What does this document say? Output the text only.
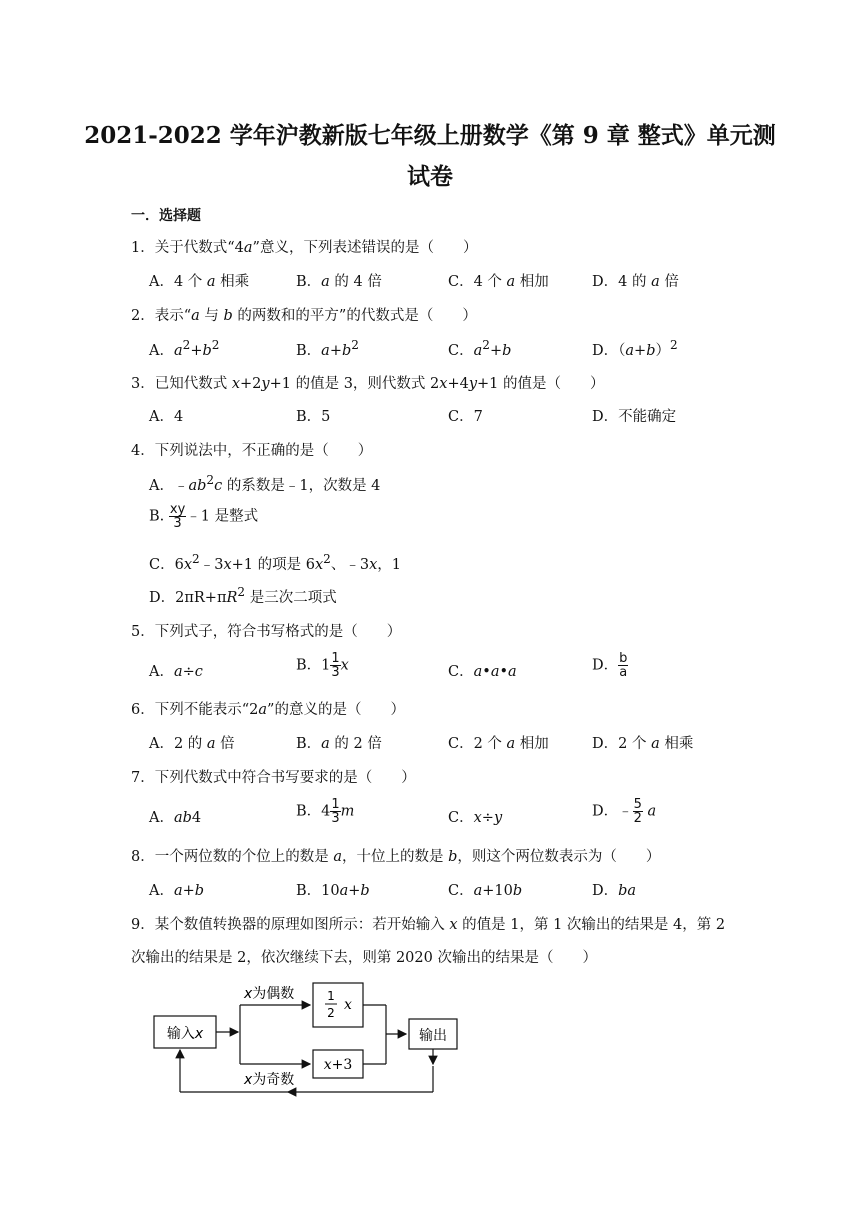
2021-2022 学年沪教新版七年级上册数学《第 9 章 整式》单元测
试卷
一．选择题
1．关于代数式“4a”意义，下列表述错误的是（　　）
A．4 个 a 相乘	B．a 的 4 倍	C．4 个 a 相加	D．4 的 a 倍
2．表示“a 与 b 的两数和的平方”的代数式是（　　）
A．$a^2+b^2$	B．$a+b^2$	C．$a^2+b$	D．$(a+b)^2$
3．已知代数式 x+2y+1 的值是 3，则代数式 2x+4y+1 的值是（　　）
A．4	B．5	C．7	D．不能确定
4．下列说法中，不正确的是（　　）
A．$﹣ab^2c$ 的系数是﹣1，次数是 4
B. $\frac{xy}{3}$ ﹣1 是整式
C．$6x^2﹣3x+1$ 的项是 $6x^2$、﹣3x，1
D．$2\pi R+\pi R^2$ 是三次二项式
5．下列式子，符合书写格式的是（　　）
A．a÷c	B．$1 \frac{1}{3}$ x	C．a•a•a	D． $\frac{b}{a}$
6．下列不能表示“2a”的意义的是（　　）
A．2 的 a 倍	B．a 的 2 倍	C．2 个 a 相加	D．2 个 a 相乘
7．下列代数式中符合书写要求的是（　　）
A．ab4	B．$4 \frac{1}{3}$ m	C．x÷y	D．﹣ $\frac{5}{2}$ a
8．一个两位数的个位上的数是 a，十位上的数是 b，则这个两位数表示为（　　）
A．a+b	B．10a+b	C．a+10b	D．ba
9．某个数值转换器的原理如图所示：若开始输入 x 的值是 1，第 1 次输出的结果是 4，第 2
次输出的结果是 2，依次继续下去，则第 2020 次输出的结果是（　　）
输入x
x为偶数
x为奇数
1
2 x
x+3
输出
